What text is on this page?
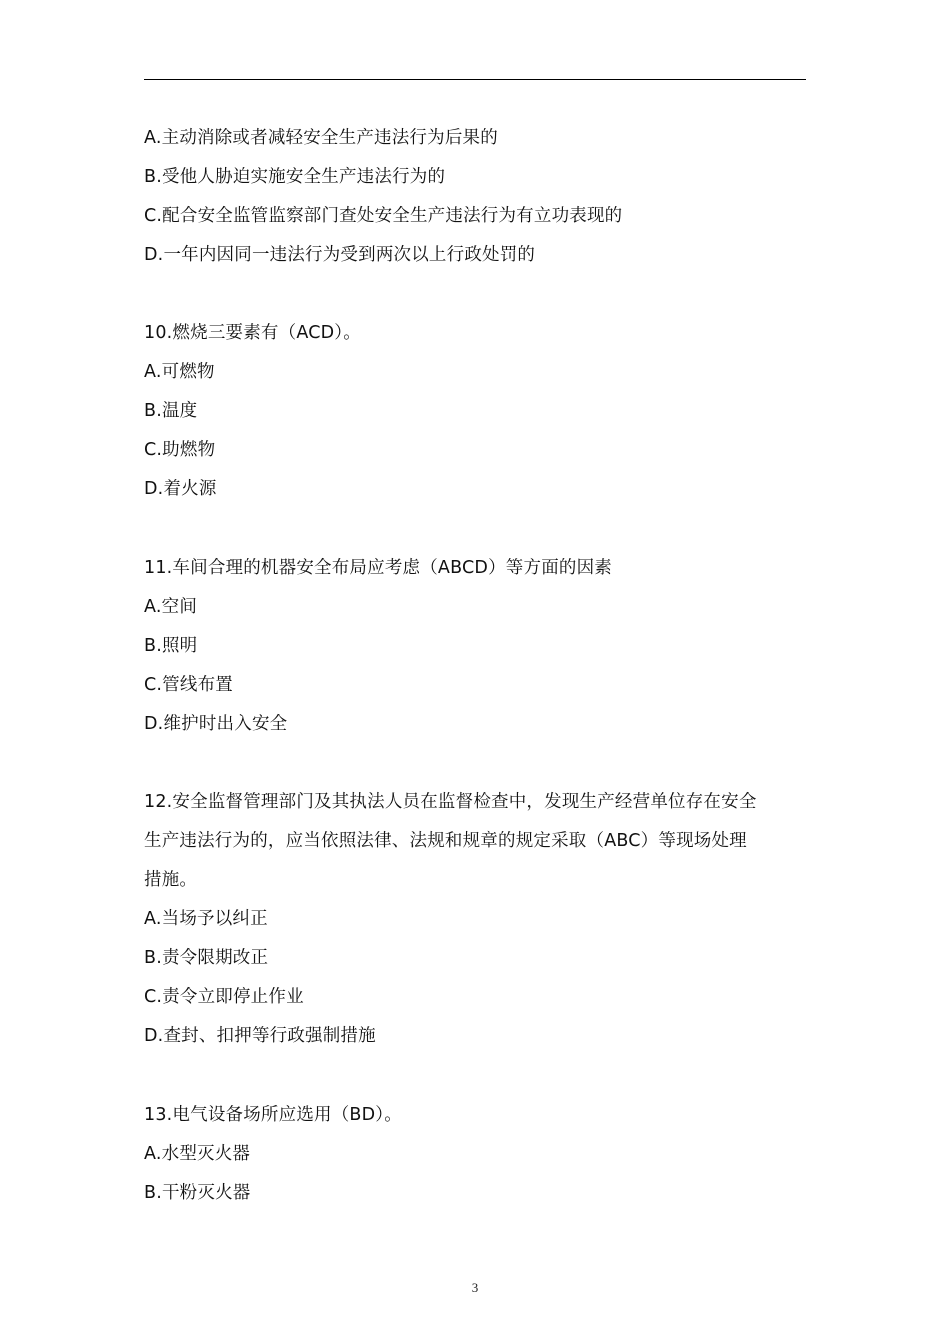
A.主动消除或者减轻安全生产违法行为后果的
B.受他人胁迫实施安全生产违法行为的
C.配合安全监管监察部门查处安全生产违法行为有立功表现的
D.一年内因同一违法行为受到两次以上行政处罚的
10.燃烧三要素有（ACD）。
A.可燃物
B.温度
C.助燃物
D.着火源
11.车间合理的机器安全布局应考虑（ABCD）等方面的因素
A.空间
B.照明
C.管线布置
D.维护时出入安全
12.安全监督管理部门及其执法人员在监督检查中，发现生产经营单位存在安全
生产违法行为的，应当依照法律、法规和规章的规定采取（ABC）等现场处理
措施。
A.当场予以纠正
B.责令限期改正
C.责令立即停止作业
D.查封、扣押等行政强制措施
13.电气设备场所应选用（BD）。
A.水型灭火器
B.干粉灭火器
3
